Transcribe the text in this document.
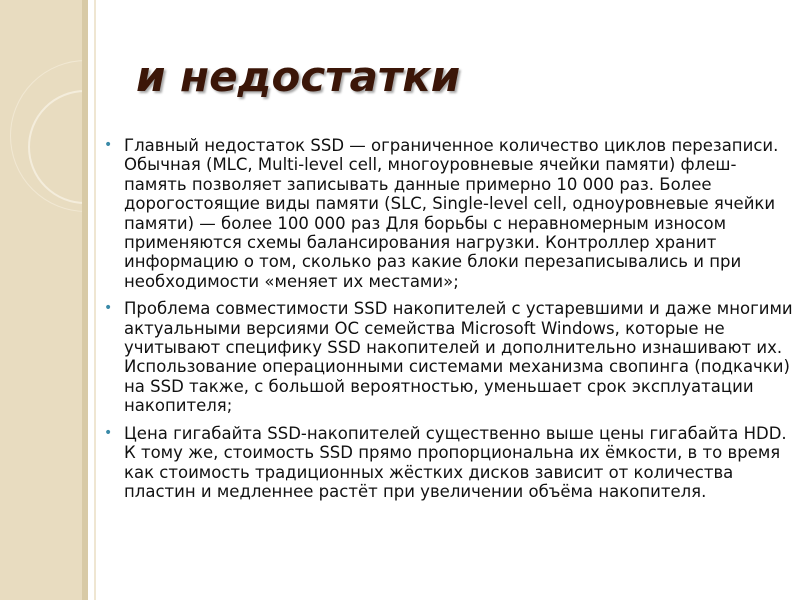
и недостатки
• Главный недостаток SSD — ограниченное количество циклов перезаписи. Обычная (MLC, Multi-level cell, многоуровневые ячейки памяти) флеш-память позволяет записывать данные примерно 10 000 раз. Более дорогостоящие виды памяти (SLC, Single-level cell, одноуровневые ячейки памяти) — более 100 000 раз Для борьбы с неравномерным износом применяются схемы балансирования нагрузки. Контроллер хранит информацию о том, сколько раз какие блоки перезаписывались и при необходимости «меняет их местами»;
• Проблема совместимости SSD накопителей с устаревшими и даже многими актуальными версиями ОС семейства Microsoft Windows, которые не учитывают специфику SSD накопителей и дополнительно изнашивают их. Использование операционными системами механизма свопинга (подкачки) на SSD также, с большой вероятностью, уменьшает срок эксплуатации накопителя;
• Цена гигабайта SSD-накопителей существенно выше цены гигабайта HDD. К тому же, стоимость SSD прямо пропорциональна их ёмкости, в то время как стоимость традиционных жёстких дисков зависит от количества пластин и медленнее растёт при увеличении объёма накопителя.
